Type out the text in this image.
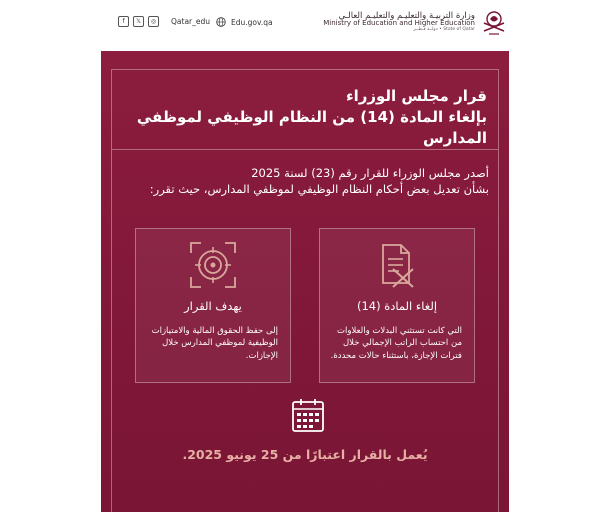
f	𝕏	◎	Qatar_edu	Edu.gov.qa
وزارة التربيـة والتعليـم والتعليـم العالـي
Ministry of Education and Higher Education
State of Qatar • دولــة قـطــر
قرار مجلس الوزراء
بإلغاء المادة (14) من النظام الوظيفي لموظفي المدارس
أصدر مجلس الوزراء للقرار رقم (23) لسنة 2025
بشأن تعديل بعض أحكام النظام الوظيفي لموظفي المدارس، حيث تقرر:
إلغاء المادة (14)
التي كانت تستثني البدلات والعلاوات من احتساب الراتب الإجمالي خلال فترات الإجازة، باستثناء حالات محددة.
يهدف القرار
إلى حفظ الحقوق المالية والامتيازات الوظيفية لموظفي المدارس خلال الإجازات.
يُعمل بالقرار اعتبارًا من 25 يونيو 2025.
